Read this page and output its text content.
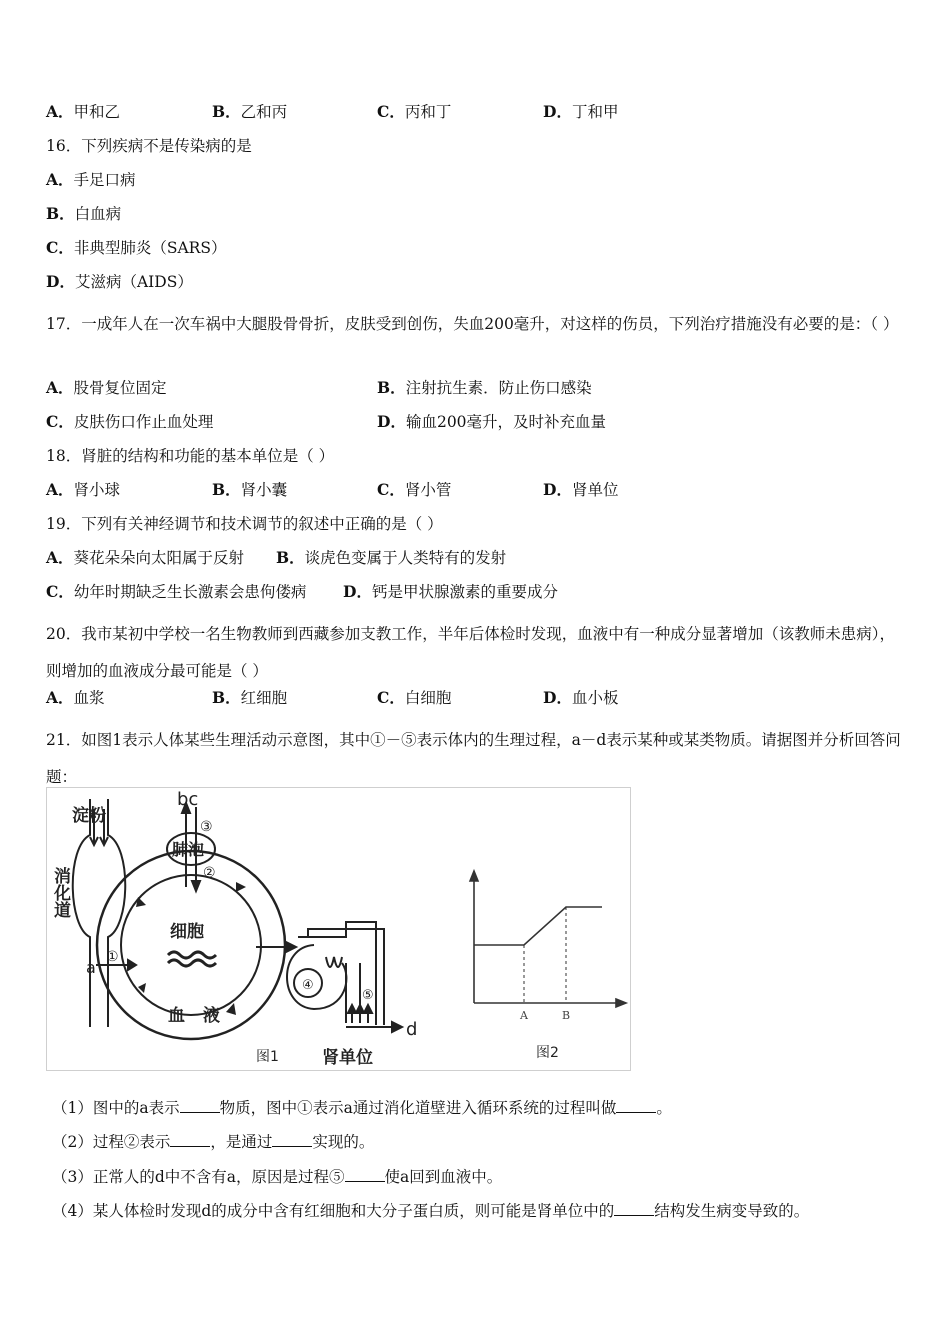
A．甲和乙	B．乙和丙	C．丙和丁	D．丁和甲
16．下列疾病不是传染病的是
A．手足口病
B．白血病
C．非典型肺炎（SARS）
D．艾滋病（AIDS）
17．一成年人在一次车祸中大腿股骨骨折，皮肤受到创伤，失血200毫升，对这样的伤员，下列治疗措施没有必要的是：（ ）
A．股骨复位固定	B．注射抗生素．防止伤口感染
C．皮肤伤口作止血处理	D．输血200毫升，及时补充血量
18．肾脏的结构和功能的基本单位是（ ）
A．肾小球	B．肾小囊	C．肾小管	D．肾单位
19．下列有关神经调节和技术调节的叙述中正确的是（ ）
A．葵花朵朵向太阳属于反射 B．谈虎色变属于人类特有的发射
C．幼年时期缺乏生长激素会患佝偻病 D．钙是甲状腺激素的重要成分
20．我市某初中学校一名生物教师到西藏参加支教工作，半年后体检时发现，血液中有一种成分显著增加（该教师未患病），则增加的血液成分最可能是（ ）
A．血浆	B．红细胞	C．白细胞	D．血小板
21．如图1表示人体某些生理活动示意图，其中①－⑤表示体内的生理过程，a－d表示某种或某类物质。请据图并分析回答问题：
淀粉
消化道
a
①
bc
③
②
肺泡
细胞
血液
④
⑤
d
图1	肾单位
A	B
图2
（1）图中的a表示	物质，图中①表示a通过消化道壁进入循环系统的过程叫做	。
（2）过程②表示	，是通过	实现的。
（3）正常人的d中不含有a，原因是过程⑤	使a回到血液中。
（4）某人体检时发现d的成分中含有红细胞和大分子蛋白质，则可能是肾单位中的	结构发生病变导致的。
